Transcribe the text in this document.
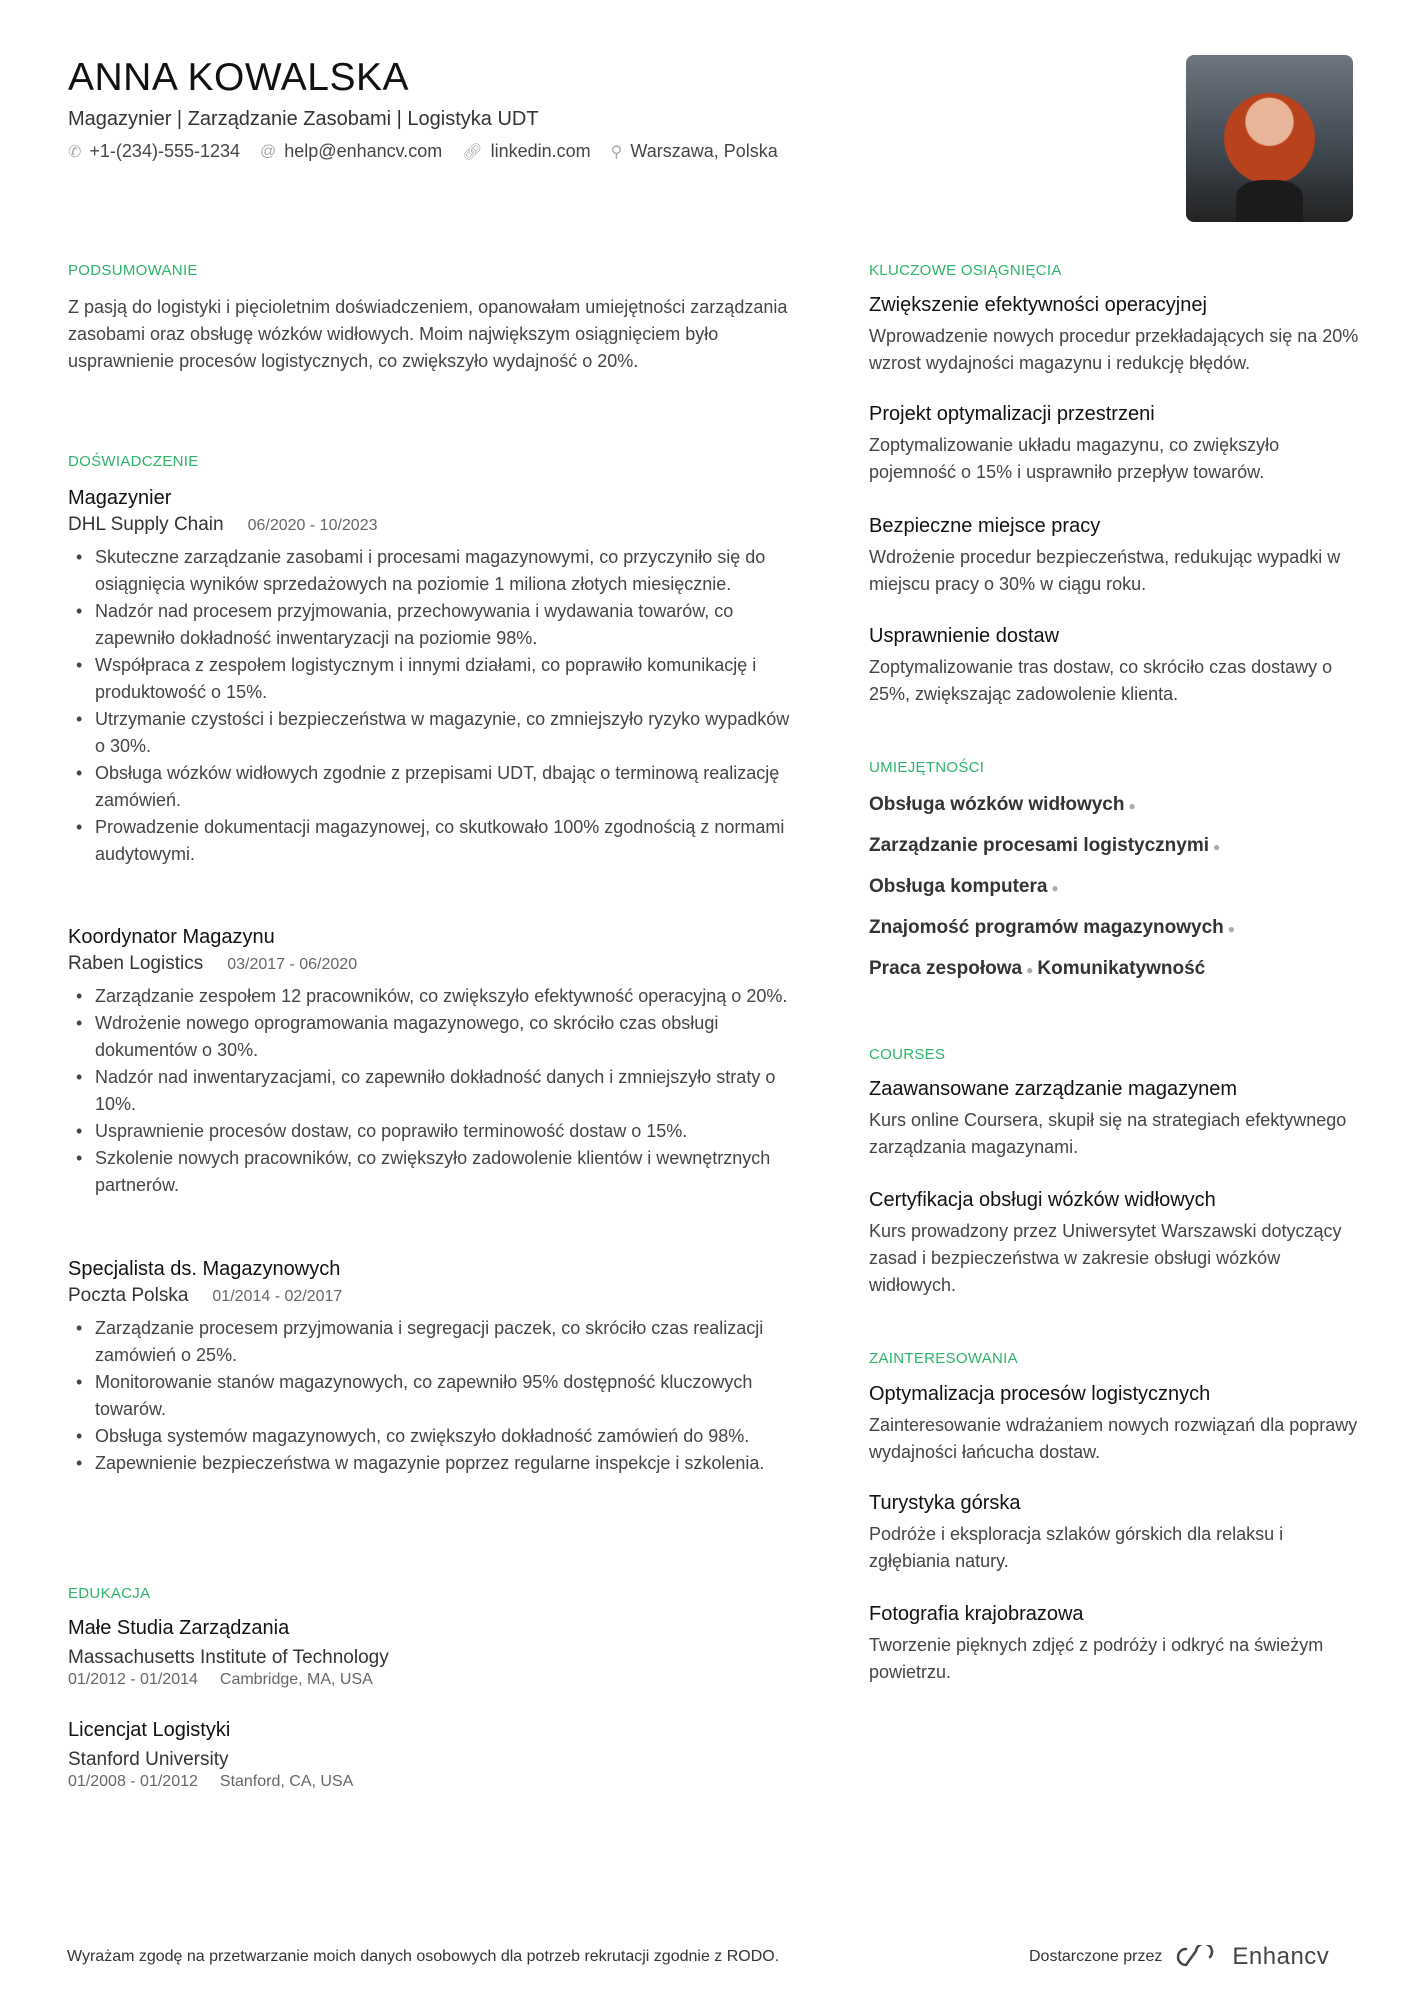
ANNA KOWALSKA
Magazynier | Zarządzanie Zasobami | Logistyka UDT
✆ +1-(234)-555-1234 @ help@enhancv.com 🔗︎ linkedin.com ⚲ Warszawa, Polska
PODSUMOWANIE
Z pasją do logistyki i pięcioletnim doświadczeniem, opanowałam umiejętności zarządzania zasobami oraz obsługę wózków widłowych. Moim największym osiągnięciem było usprawnienie procesów logistycznych, co zwiększyło wydajność o 20%.
DOŚWIADCZENIE
Magazynier
DHL Supply Chain 06/2020 - 10/2023
• Skuteczne zarządzanie zasobami i procesami magazynowymi, co przyczyniło się do osiągnięcia wyników sprzedażowych na poziomie 1 miliona złotych miesięcznie.
• Nadzór nad procesem przyjmowania, przechowywania i wydawania towarów, co zapewniło dokładność inwentaryzacji na poziomie 98%.
• Współpraca z zespołem logistycznym i innymi działami, co poprawiło komunikację i produktowość o 15%.
• Utrzymanie czystości i bezpieczeństwa w magazynie, co zmniejszyło ryzyko wypadków o 30%.
• Obsługa wózków widłowych zgodnie z przepisami UDT, dbając o terminową realizację zamówień.
• Prowadzenie dokumentacji magazynowej, co skutkowało 100% zgodnością z normami audytowymi.
Koordynator Magazynu
Raben Logistics 03/2017 - 06/2020
• Zarządzanie zespołem 12 pracowników, co zwiększyło efektywność operacyjną o 20%.
• Wdrożenie nowego oprogramowania magazynowego, co skróciło czas obsługi dokumentów o 30%.
• Nadzór nad inwentaryzacjami, co zapewniło dokładność danych i zmniejszyło straty o 10%.
• Usprawnienie procesów dostaw, co poprawiło terminowość dostaw o 15%.
• Szkolenie nowych pracowników, co zwiększyło zadowolenie klientów i wewnętrznych partnerów.
Specjalista ds. Magazynowych
Poczta Polska 01/2014 - 02/2017
• Zarządzanie procesem przyjmowania i segregacji paczek, co skróciło czas realizacji zamówień o 25%.
• Monitorowanie stanów magazynowych, co zapewniło 95% dostępność kluczowych towarów.
• Obsługa systemów magazynowych, co zwiększyło dokładność zamówień do 98%.
• Zapewnienie bezpieczeństwa w magazynie poprzez regularne inspekcje i szkolenia.
EDUKACJA
Małe Studia Zarządzania
Massachusetts Institute of Technology
01/2012 - 01/2014 Cambridge, MA, USA
Licencjat Logistyki
Stanford University
01/2008 - 01/2012 Stanford, CA, USA
KLUCZOWE OSIĄGNIĘCIA
Zwiększenie efektywności operacyjnej
Wprowadzenie nowych procedur przekładających się na 20% wzrost wydajności magazynu i redukcję błędów.
Projekt optymalizacji przestrzeni
Zoptymalizowanie układu magazynu, co zwiększyło pojemność o 15% i usprawniło przepływ towarów.
Bezpieczne miejsce pracy
Wdrożenie procedur bezpieczeństwa, redukując wypadki w miejscu pracy o 30% w ciągu roku.
Usprawnienie dostaw
Zoptymalizowanie tras dostaw, co skróciło czas dostawy o 25%, zwiększając zadowolenie klienta.
UMIEJĘTNOŚCI
Obsługa wózków widłowych ●
Zarządzanie procesami logistycznymi ●
Obsługa komputera ●
Znajomość programów magazynowych ●
Praca zespołowa ● Komunikatywność
COURSES
Zaawansowane zarządzanie magazynem
Kurs online Coursera, skupił się na strategiach efektywnego zarządzania magazynami.
Certyfikacja obsługi wózków widłowych
Kurs prowadzony przez Uniwersytet Warszawski dotyczący zasad i bezpieczeństwa w zakresie obsługi wózków widłowych.
ZAINTERESOWANIA
Optymalizacja procesów logistycznych
Zainteresowanie wdrażaniem nowych rozwiązań dla poprawy wydajności łańcucha dostaw.
Turystyka górska
Podróże i eksploracja szlaków górskich dla relaksu i zgłębiania natury.
Fotografia krajobrazowa
Tworzenie pięknych zdjęć z podróży i odkryć na świeżym powietrzu.
Wyrażam zgodę na przetwarzanie moich danych osobowych dla potrzeb rekrutacji zgodnie z RODO.	Dostarczone przez	Enhancv
